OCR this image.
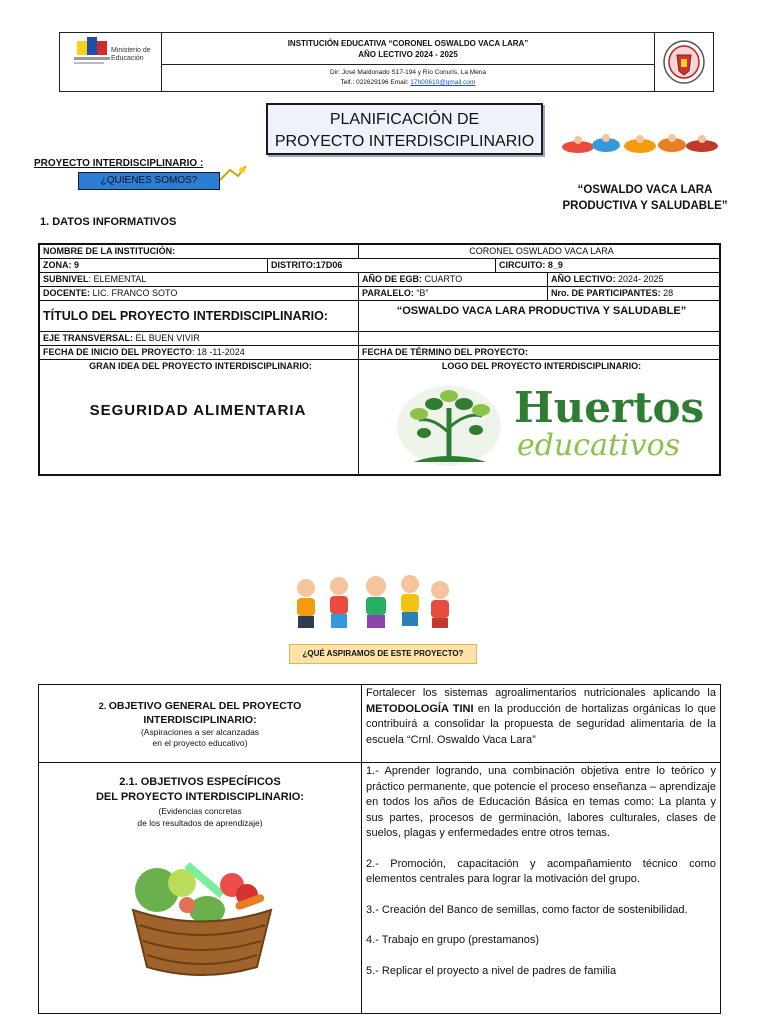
Ministerio de Educación
INSTITUCIÓN EDUCATIVA “CORONEL OSWALDO VACA LARA”
AÑO LECTIVO 2024 - 2025
Dir: José Maldonado S17-194 y Río Conuris, La Mena
Telf.: 022629196 Email: 17h00610@gmail.com
PLANIFICACIÓN DE
PROYECTO INTERDISCIPLINARIO
PROYECTO INTERDISCIPLINARIO :
¿QUIENES SOMOS?
“OSWALDO VACA LARA
PRODUCTIVA Y SALUDABLE”
1. DATOS INFORMATIVOS
NOMBRE DE LA INSTITUCIÓN:	CORONEL OSWLADO VACA LARA
ZONA: 9	DISTRITO:17D06	CIRCUITO: 8_9
SUBNIVEL: ELEMENTAL	AÑO DE EGB: CUARTO	AÑO LECTIVO: 2024- 2025
DOCENTE: LIC. FRANCO SOTO	PARALELO: “B”	Nro. DE PARTICIPANTES: 28
TÍTULO DEL PROYECTO INTERDISCIPLINARIO:	“OSWALDO VACA LARA PRODUCTIVA Y SALUDABLE”
EJE TRANSVERSAL: EL BUEN VIVIR
FECHA DE INICIO DEL PROYECTO: 18 -11-2024	FECHA DE TÉRMINO DEL PROYECTO:
GRAN IDEA DEL PROYECTO INTERDISCIPLINARIO:
SEGURIDAD ALIMENTARIA
LOGO DEL PROYECTO INTERDISCIPLINARIO:
Huertos
educativos
¿QUÉ ASPIRAMOS DE ESTE PROYECTO?
2. OBJETIVO GENERAL DEL PROYECTO
INTERDISCIPLINARIO:
(Aspiraciones a ser alcanzadas
en el proyecto educativo)
Fortalecer los sistemas agroalimentarios nutricionales aplicando la METODOLOGÍA TINI en la producción de hortalizas orgánicas lo que contribuirá a consolidar la propuesta de seguridad alimentaria de la escuela “Crnl. Oswaldo Vaca Lara”
2.1. OBJETIVOS ESPECÍFICOS
DEL PROYECTO INTERDISCIPLINARIO:
(Evidencias concretas
de los resultados de aprendizaje)

1.- Aprender logrando, una combinación objetiva entre lo teórico y práctico permanente, que potencie el proceso enseñanza – aprendizaje en todos los años de Educación Básica en temas como: La planta y sus partes, procesos de germinación, labores culturales, clases de suelos, plagas y enfermedades entre otros temas.

2.- Promoción, capacitación y acompañamiento técnico como elementos centrales para lograr la motivación del grupo.

3.- Creación del Banco de semillas, como factor de sostenibilidad.

4.- Trabajo en grupo (prestamanos)

5.- Replicar el proyecto a nivel de padres de familia
